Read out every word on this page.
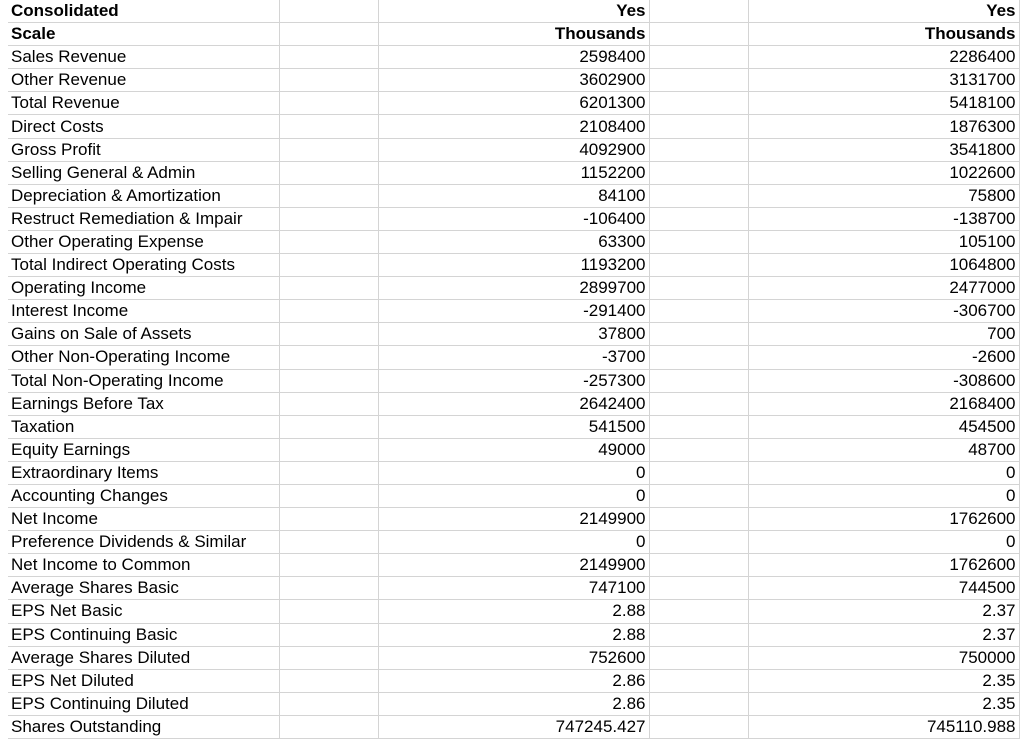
Consolidated		Yes		Yes
Scale		Thousands		Thousands
Sales Revenue		2598400		2286400
Other Revenue		3602900		3131700
Total Revenue		6201300		5418100
Direct Costs		2108400		1876300
Gross Profit		4092900		3541800
Selling General & Admin		1152200		1022600
Depreciation & Amortization		84100		75800
Restruct Remediation & Impair		-106400		-138700
Other Operating Expense		63300		105100
Total Indirect Operating Costs		1193200		1064800
Operating Income		2899700		2477000
Interest Income		-291400		-306700
Gains on Sale of Assets		37800		700
Other Non-Operating Income		-3700		-2600
Total Non-Operating Income		-257300		-308600
Earnings Before Tax		2642400		2168400
Taxation		541500		454500
Equity Earnings		49000		48700
Extraordinary Items		0		0
Accounting Changes		0		0
Net Income		2149900		1762600
Preference Dividends & Similar		0		0
Net Income to Common		2149900		1762600
Average Shares Basic		747100		744500
EPS Net Basic		2.88		2.37
EPS Continuing Basic		2.88		2.37
Average Shares Diluted		752600		750000
EPS Net Diluted		2.86		2.35
EPS Continuing Diluted		2.86		2.35
Shares Outstanding		747245.427		745110.988
